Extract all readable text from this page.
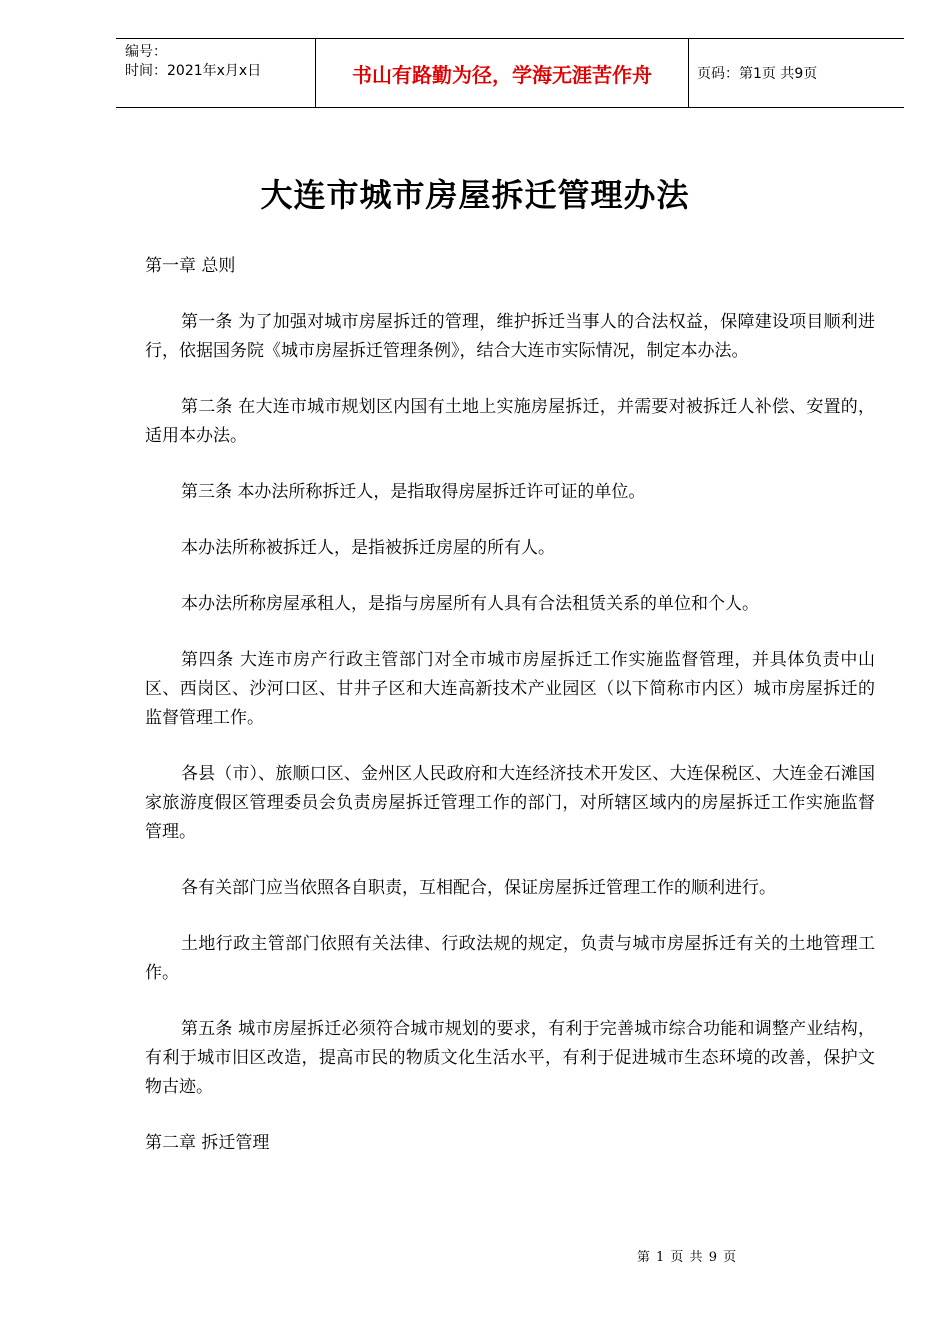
编号：
时间：2021年x月x日	书山有路勤为径，学海无涯苦作舟	页码：第1页 共9页
大连市城市房屋拆迁管理办法

第一章 总则

第一条 为了加强对城市房屋拆迁的管理，维护拆迁当事人的合法权益，保障建设项目顺利进行，依据国务院《城市房屋拆迁管理条例》，结合大连市实际情况，制定本办法。

第二条 在大连市城市规划区内国有土地上实施房屋拆迁，并需要对被拆迁人补偿、安置的，适用本办法。

第三条 本办法所称拆迁人，是指取得房屋拆迁许可证的单位。

本办法所称被拆迁人，是指被拆迁房屋的所有人。

本办法所称房屋承租人，是指与房屋所有人具有合法租赁关系的单位和个人。

第四条 大连市房产行政主管部门对全市城市房屋拆迁工作实施监督管理，并具体负责中山区、西岗区、沙河口区、甘井子区和大连高新技术产业园区（以下简称市内区）城市房屋拆迁的监督管理工作。

各县（市）、旅顺口区、金州区人民政府和大连经济技术开发区、大连保税区、大连金石滩国家旅游度假区管理委员会负责房屋拆迁管理工作的部门，对所辖区域内的房屋拆迁工作实施监督管理。

各有关部门应当依照各自职责，互相配合，保证房屋拆迁管理工作的顺利进行。

土地行政主管部门依照有关法律、行政法规的规定，负责与城市房屋拆迁有关的土地管理工作。

第五条 城市房屋拆迁必须符合城市规划的要求，有利于完善城市综合功能和调整产业结构，有利于城市旧区改造，提高市民的物质文化生活水平，有利于促进城市生态环境的改善，保护文物古迹。

第二章 拆迁管理

第 1 页 共 9 页
